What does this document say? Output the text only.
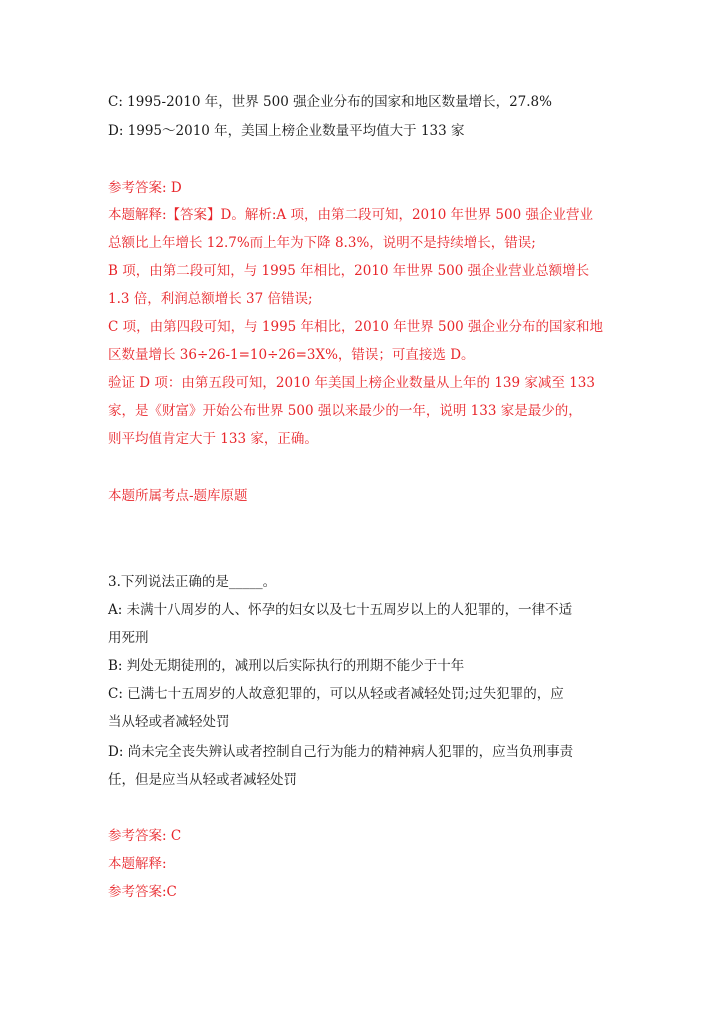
C: 1995-2010 年，世界 500 强企业分布的国家和地区数量增长，27.8%
D: 1995～2010 年，美国上榜企业数量平均值大于 133 家
参考答案: D
本题解释:【答案】D。解析:A 项，由第二段可知，2010 年世界 500 强企业营业
总额比上年增长 12.7%而上年为下降 8.3%，说明不是持续增长，错误;
B 项，由第二段可知，与 1995 年相比，2010 年世界 500 强企业营业总额增长
1.3 倍，利润总额增长 37 倍错误;
C 项，由第四段可知，与 1995 年相比，2010 年世界 500 强企业分布的国家和地
区数量增长 36÷26-1=10÷26=3X%，错误；可直接选 D。
验证 D 项：由第五段可知，2010 年美国上榜企业数量从上年的 139 家减至 133
家，是《财富》开始公布世界 500 强以来最少的一年，说明 133 家是最少的，
则平均值肯定大于 133 家，正确。
本题所属考点-题库原题
3.下列说法正确的是_____。
A: 未满十八周岁的人、怀孕的妇女以及七十五周岁以上的人犯罪的，一律不适
用死刑
B: 判处无期徒刑的，减刑以后实际执行的刑期不能少于十年
C: 已满七十五周岁的人故意犯罪的，可以从轻或者减轻处罚;过失犯罪的，应
当从轻或者减轻处罚
D: 尚未完全丧失辨认或者控制自己行为能力的精神病人犯罪的，应当负刑事责
任，但是应当从轻或者减轻处罚
参考答案: C
本题解释:
参考答案:C
